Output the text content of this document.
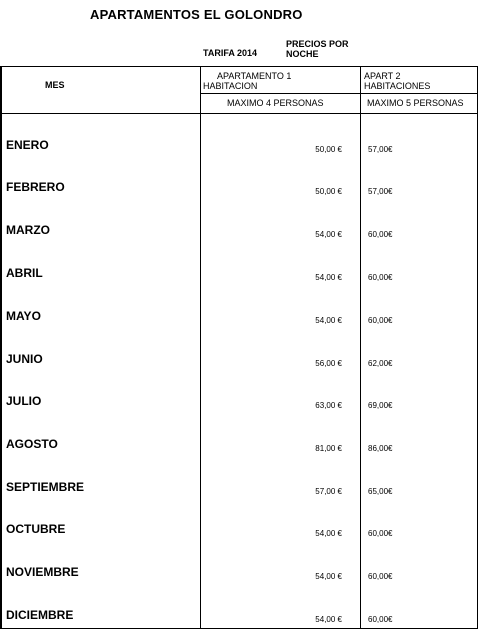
APARTAMENTOS EL GOLONDRO
TARIFA 2014
PRECIOS POR
NOCHE
MES
APARTAMENTO 1
HABITACION
MAXIMO 4 PERSONAS
APART 2
HABITACIONES
MAXIMO 5 PERSONAS
ENERO	50,00 €	57,00€
FEBRERO	50,00 €	57,00€
MARZO	54,00 €	60,00€
ABRIL	54,00 €	60,00€
MAYO	54,00 €	60,00€
JUNIO	56,00 €	62,00€
JULIO	63,00 €	69,00€
AGOSTO	81,00 €	86,00€
SEPTIEMBRE	57,00 €	65,00€
OCTUBRE	54,00 €	60,00€
NOVIEMBRE	54,00 €	60,00€
DICIEMBRE	54,00 €	60,00€
